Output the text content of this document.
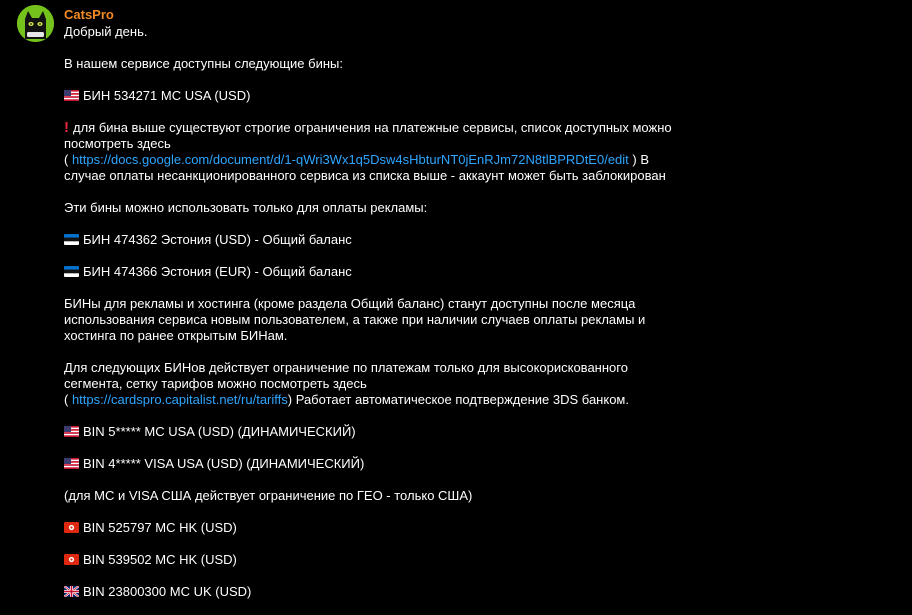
CatsPro
Добрый день.
В нашем сервисе доступны следующие бины:
БИН 534271 MC USA (USD)
! для бина выше существуют строгие ограничения на платежные сервисы, список доступных можно
посмотреть здесь
( https://docs.google.com/document/d/1-qWri3Wx1q5Dsw4sHbturNT0jEnRJm72N8tlBPRDtE0/edit ) В
случае оплаты несанкционированного сервиса из списка выше - аккаунт может быть заблокирован
Эти бины можно использовать только для оплаты рекламы:
БИН 474362 Эстония (USD) - Общий баланс
БИН 474366 Эстония (EUR) - Общий баланс
БИНы для рекламы и хостинга (кроме раздела Общий баланс) станут доступны после месяца
использования сервиса новым пользователем, а также при наличии случаев оплаты рекламы и
хостинга по ранее открытым БИНам.
Для следующих БИНов действует ограничение по платежам только для высокорискованного
сегмента, сетку тарифов можно посмотреть здесь
( https://cardspro.capitalist.net/ru/tariffs) Работает автоматическое подтверждение 3DS банком.
BIN 5***** MC USA (USD) (ДИНАМИЧЕСКИЙ)
BIN 4***** VISA USA (USD) (ДИНАМИЧЕСКИЙ)
(для MC и VISA США действует ограничение по ГЕО - только США)
BIN 525797 MC HK (USD)
BIN 539502 MC HK (USD)
BIN 23800300 MC UK (USD)
